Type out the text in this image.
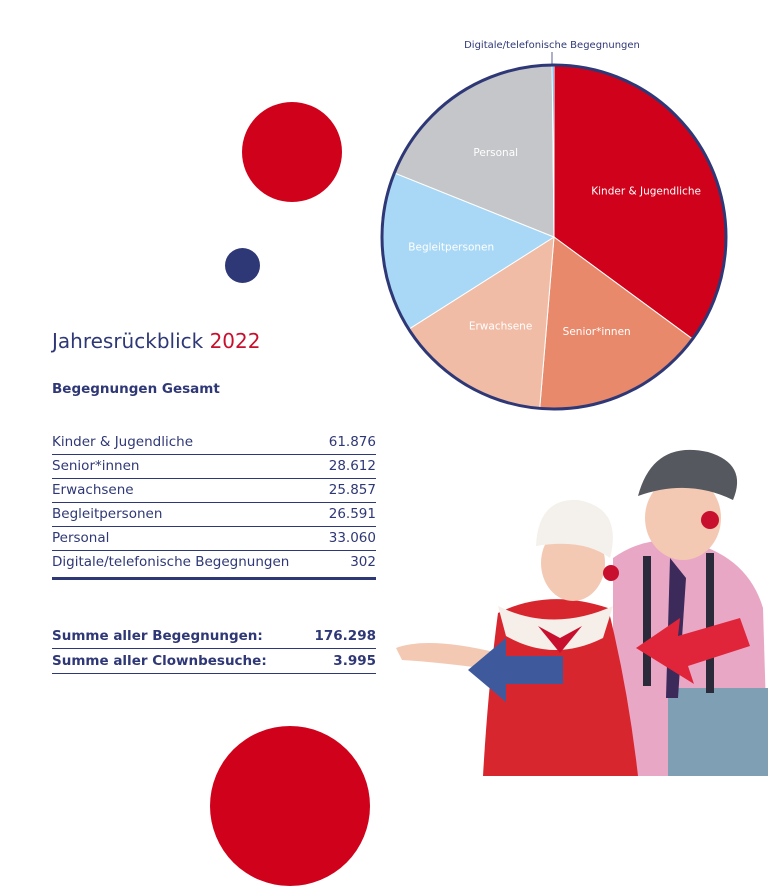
Kinder & Jugendliche
Senior*innen
Erwachsene
Begleitpersonen
Personal
Digitale/telefonische Begegnungen
Jahresrückblick 2022
Begegnungen Gesamt
Kinder & Jugendliche	61.876
Senior*innen	28.612
Erwachsene	25.857
Begleitpersonen	26.591
Personal	33.060
Digitale/telefonische Begegnungen	302
Summe aller Begegnungen:	176.298
Summe aller Clownbesuche:	3.995
